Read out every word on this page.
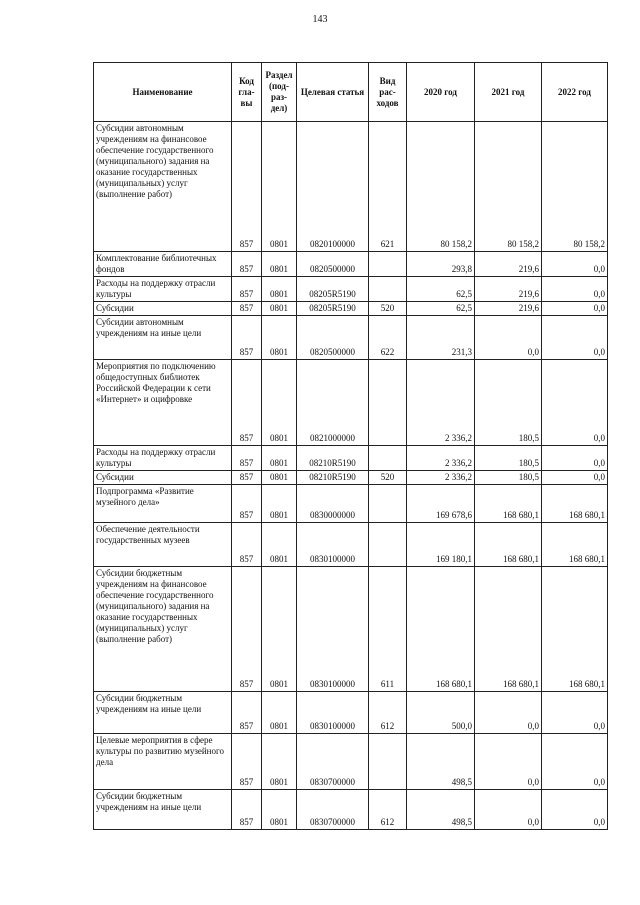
143
Наименование	Код гла- вы	Раздел (под- раз- дел)	Целевая статья	Вид рас- ходов	2020 год	2021 год	2022 год
Субсидии автономным учреждениям на финансовое обеспечение государственного (муниципального) задания на оказание государственных (муниципальных) услуг (выполнение работ)	857	0801	0820100000	621	80 158,2	80 158,2	80 158,2
Комплектование библиотечных фондов	857	0801	0820500000		293,8	219,6	0,0
Расходы на поддержку отрасли культуры	857	0801	08205R5190		62,5	219,6	0,0
Субсидии	857	0801	08205R5190	520	62,5	219,6	0,0
Субсидии автономным учреждениям на иные цели	857	0801	0820500000	622	231,3	0,0	0,0
Мероприятия по подключению общедоступных библиотек Российской Федерации к сети «Интернет» и оцифровке	857	0801	0821000000		2 336,2	180,5	0,0
Расходы на поддержку отрасли культуры	857	0801	08210R5190		2 336,2	180,5	0,0
Субсидии	857	0801	08210R5190	520	2 336,2	180,5	0,0
Подпрограмма «Развитие музейного дела»	857	0801	0830000000		169 678,6	168 680,1	168 680,1
Обеспечение деятельности государственных музеев	857	0801	0830100000		169 180,1	168 680,1	168 680,1
Субсидии бюджетным учреждениям на финансовое обеспечение государственного (муниципального) задания на оказание государственных (муниципальных) услуг (выполнение работ)	857	0801	0830100000	611	168 680,1	168 680,1	168 680,1
Субсидии бюджетным учреждениям на иные цели	857	0801	0830100000	612	500,0	0,0	0,0
Целевые мероприятия в сфере культуры по развитию музейного дела	857	0801	0830700000		498,5	0,0	0,0
Субсидии бюджетным учреждениям на иные цели	857	0801	0830700000	612	498,5	0,0	0,0
